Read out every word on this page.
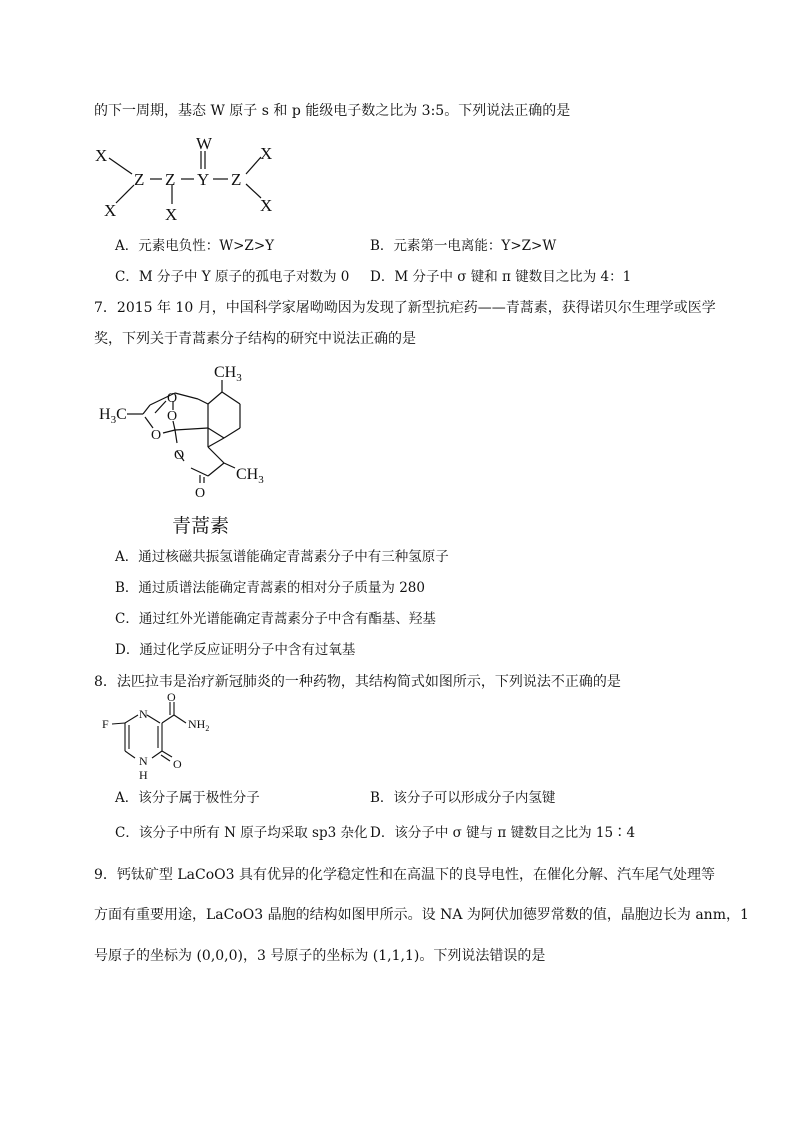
的下一周期，基态 W 原子 s 和 p 能级电子数之比为 3:5。下列说法正确的是
X
X
Z Z
X
W
Y Z
X
X
A．元素电负性：W>Z>Y	B．元素第一电离能：Y>Z>W
C．M 分子中 Y 原子的孤电子对数为 0 D．M 分子中 σ 键和 π 键数目之比为 4：1
7．2015 年 10 月，中国科学家屠呦呦因为发现了新型抗疟药——青蒿素，获得诺贝尔生理学或医学
奖，下列关于青蒿素分子结构的研究中说法正确的是
$CH_3$
$H_3C$
$CH_3$
O
O
O
O
O
青蒿素
A．通过核磁共振氢谱能确定青蒿素分子中有三种氢原子
B．通过质谱法能确定青蒿素的相对分子质量为 280
C．通过红外光谱能确定青蒿素分子中含有酯基、羟基
D．通过化学反应证明分子中含有过氧基
8．法匹拉韦是治疗新冠肺炎的一种药物，其结构简式如图所示，下列说法不正确的是
F
N
N
H
O
O
$NH_2$
A．该分子属于极性分子	B．该分子可以形成分子内氢键
C．该分子中所有 N 原子均采取 sp3 杂化 D．该分子中 σ 键与 π 键数目之比为 15∶4
9．钙钛矿型 LaCoO3 具有优异的化学稳定性和在高温下的良导电性，在催化分解、汽车尾气处理等
方面有重要用途，LaCoO3 晶胞的结构如图甲所示。设 NA 为阿伏加德罗常数的值，晶胞边长为 anm，1
号原子的坐标为 (0,0,0)，3 号原子的坐标为 (1,1,1)。下列说法错误的是
